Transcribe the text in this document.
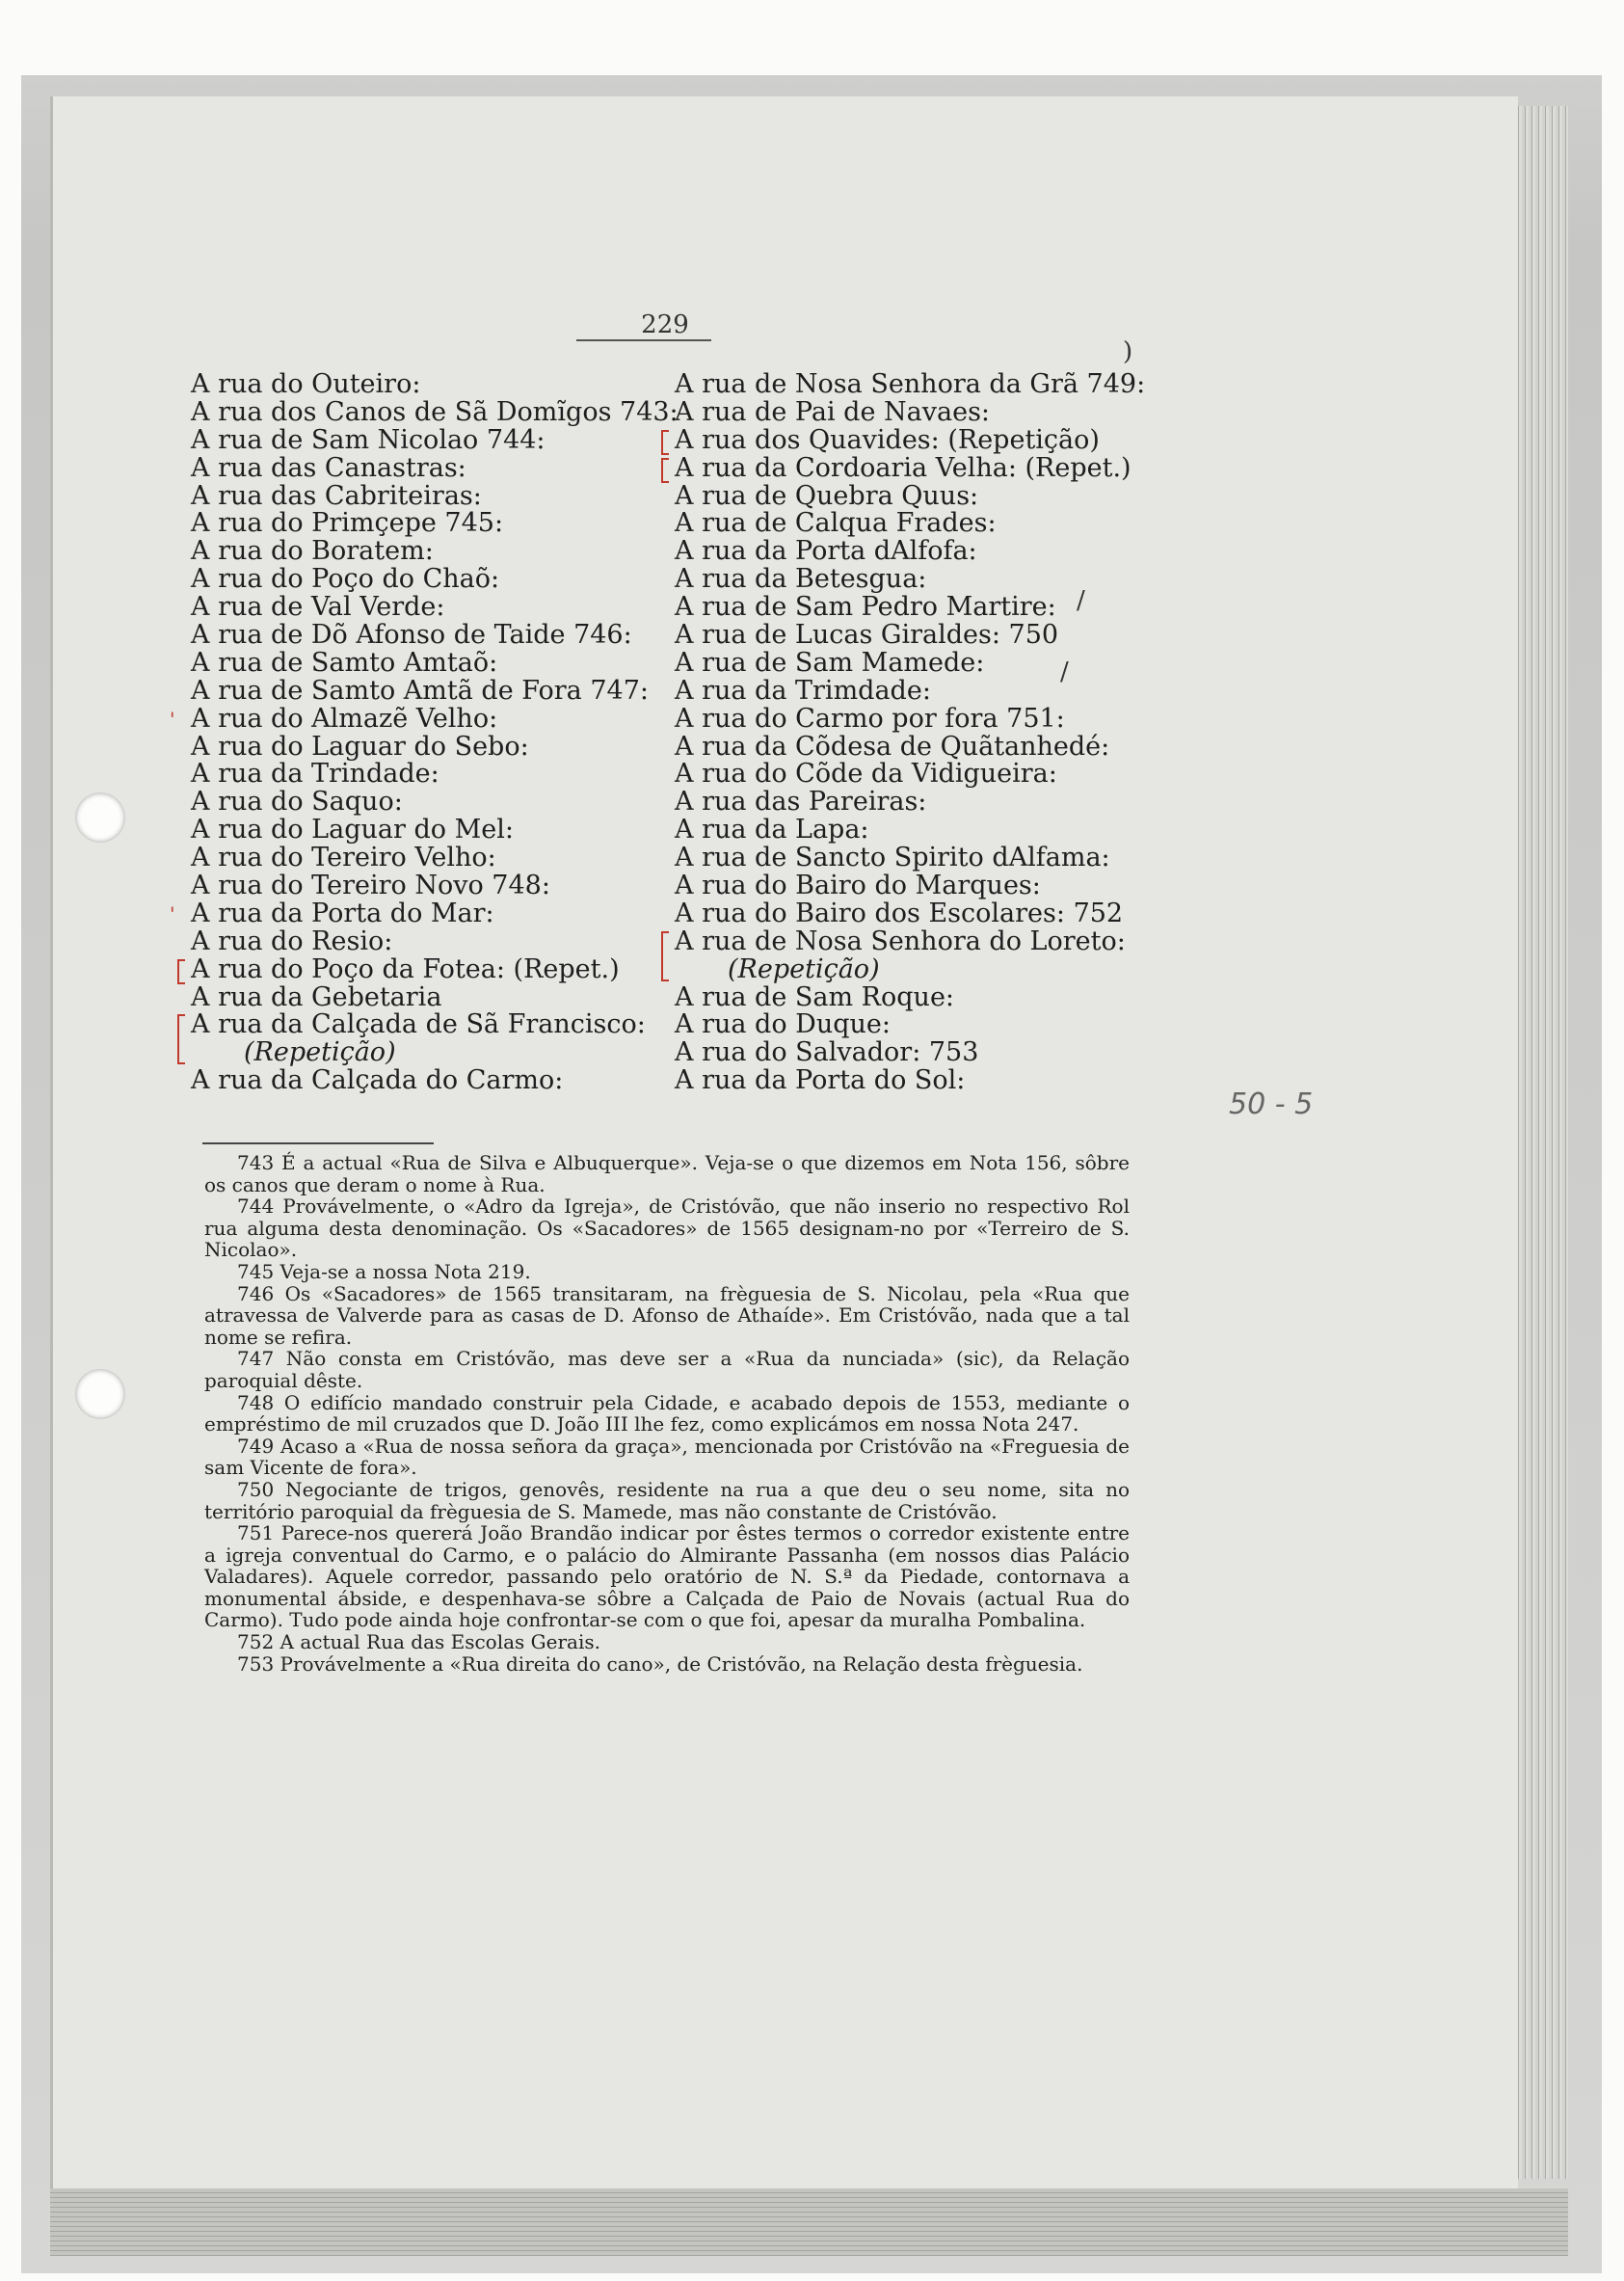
229
A rua do Outeiro:
A rua dos Canos de Sã Domĩgos 743:
A rua de Sam Nicolao 744:
A rua das Canastras:
A rua das Cabriteiras:
A rua do Primçepe 745:
A rua do Boratem:
A rua do Poço do Chaõ:
A rua de Val Verde:
A rua de Dõ Afonso de Taide 746:
A rua de Samto Amtaõ:
A rua de Samto Amtã de Fora 747:
' A rua do Almazẽ Velho:
A rua do Laguar do Sebo:
A rua da Trindade:
A rua do Saquo:
A rua do Laguar do Mel:
A rua do Tereiro Velho:
A rua do Tereiro Novo 748:
' A rua da Porta do Mar:
A rua do Resio:
A rua do Poço da Fotea: (Repet.)
A rua da Gebetaria
A rua da Calçada de Sã Francisco:
(Repetição)
A rua da Calçada do Carmo:
A rua de Nosa Senhora da Grã 749:
A rua de Pai de Navaes:
A rua dos Quavides: (Repetição)
A rua da Cordoaria Velha: (Repet.)
A rua de Quebra Quus:
A rua de Calqua Frades:
A rua da Porta dAlfofa:
A rua da Betesgua:
A rua de Sam Pedro Martire:
A rua de Lucas Giraldes: 750
A rua de Sam Mamede:
A rua da Trimdade:
A rua do Carmo por fora 751:
A rua da Cõdesa de Quãtanhedé:
A rua do Cõde da Vidigueira:
A rua das Pareiras:
A rua da Lapa:
A rua de Sancto Spirito dAlfama:
A rua do Bairo do Marques:
A rua do Bairo dos Escolares: 752
A rua de Nosa Senhora do Loreto:
(Repetição)
A rua de Sam Roque:
A rua do Duque:
A rua do Salvador: 753
A rua da Porta do Sol:
)
/
/
50 - 5
743 É a actual «Rua de Silva e Albuquerque». Veja-se o que dizemos em Nota 156, sôbre os canos que deram o nome à Rua.
744 Provávelmente, o «Adro da Igreja», de Cristóvão, que não inserio no respectivo Rol rua alguma desta denominação. Os «Sacadores» de 1565 designam-no por «Terreiro de S. Nicolao».
745 Veja-se a nossa Nota 219.
746 Os «Sacadores» de 1565 transitaram, na frèguesia de S. Nicolau, pela «Rua que atravessa de Valverde para as casas de D. Afonso de Athaíde». Em Cristóvão, nada que a tal nome se refira.
747 Não consta em Cristóvão, mas deve ser a «Rua da nunciada» (sic), da Relação paroquial dêste.
748 O edifício mandado construir pela Cidade, e acabado depois de 1553, mediante o empréstimo de mil cruzados que D. João III lhe fez, como explicámos em nossa Nota 247.
749 Acaso a «Rua de nossa señora da graça», mencionada por Cristóvão na «Freguesia de sam Vicente de fora».
750 Negociante de trigos, genovês, residente na rua a que deu o seu nome, sita no território paroquial da frèguesia de S. Mamede, mas não constante de Cristóvão.
751 Parece-nos quererá João Brandão indicar por êstes termos o corredor existente entre a igreja conventual do Carmo, e o palácio do Almirante Passanha (em nossos dias Palácio Valadares). Aquele corredor, passando pelo oratório de N. S.ª da Piedade, contornava a monumental ábside, e despenhava-se sôbre a Calçada de Paio de Novais (actual Rua do Carmo). Tudo pode ainda hoje confrontar-se com o que foi, apesar da muralha Pombalina.
752 A actual Rua das Escolas Gerais.
753 Provávelmente a «Rua direita do cano», de Cristóvão, na Relação desta frèguesia.
